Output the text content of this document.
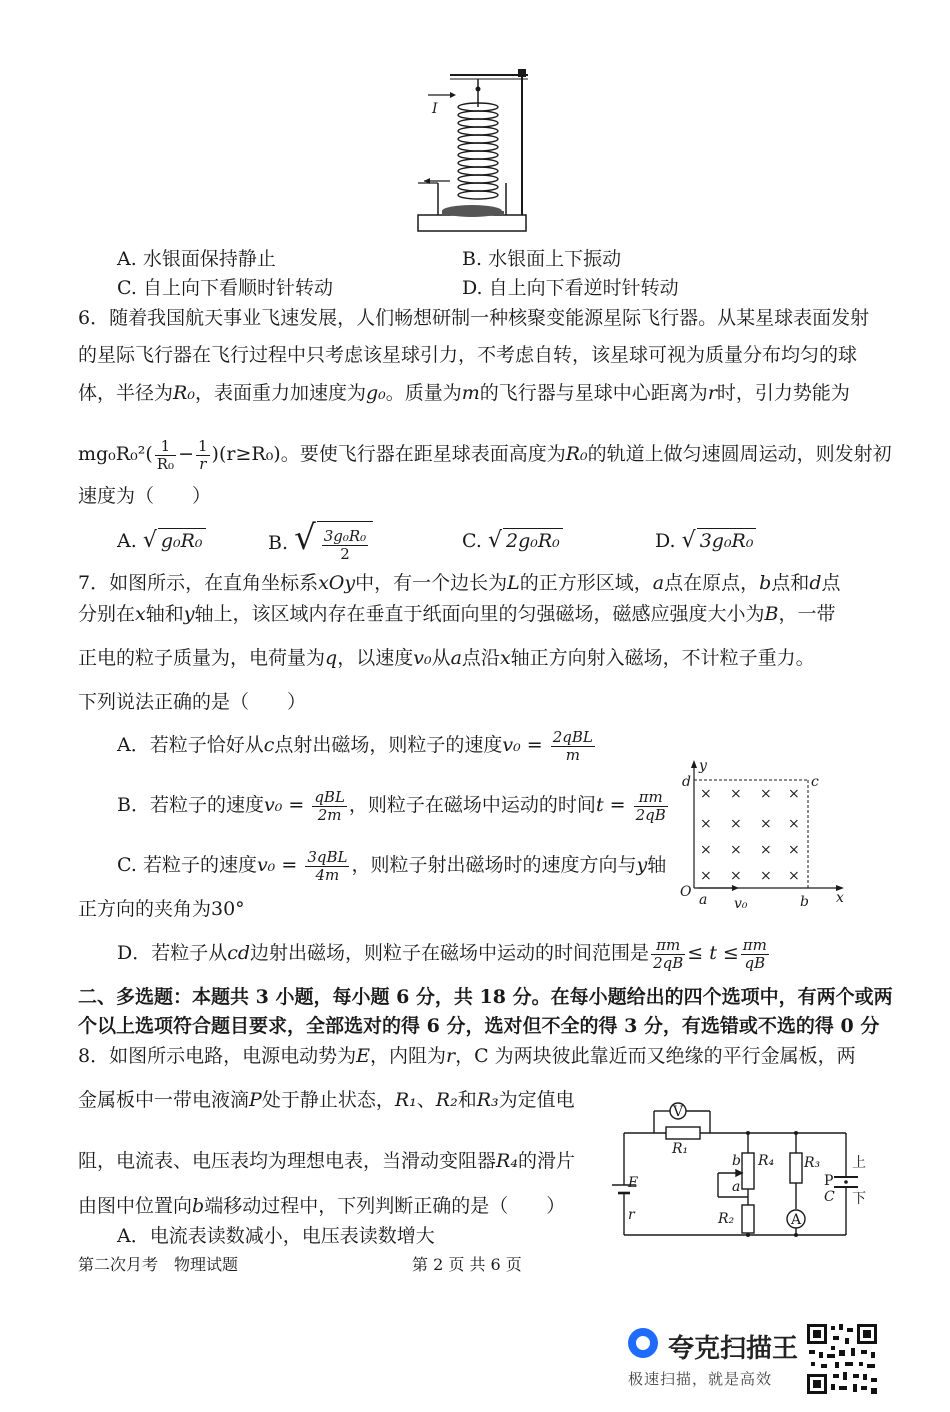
I
A. 水银面保持静止	B. 水银面上下振动
C. 自上向下看顺时针转动	D. 自上向下看逆时针转动
6．随着我国航天事业飞速发展，人们畅想研制一种核聚变能源星际飞行器。从某星球表面发射
的星际飞行器在飞行过程中只考虑该星球引力，不考虑自转，该星球可视为质量分布均匀的球
体，半径为R₀，表面重力加速度为g₀。质量为m的飞行器与星球中心距离为r时，引力势能为
$mg_0R_0^2( \frac{1}{\text{R₀}} - \frac{1}{r} )(r\ge R_0)$。要使飞行器在距星球表面高度为R₀的轨道上做匀速圆周运动，则发射初
速度为（　　）
A. √ g₀R₀	B. √ $\frac{\text{3g₀R₀}}{2}$	C. √ 2g₀R₀	D. √ 3g₀R₀
7．如图所示，在直角坐标系xOy中，有一个边长为L的正方形区域，a点在原点，b点和d点
分别在x轴和y轴上，该区域内存在垂直于纸面向里的匀强磁场，磁感应强度大小为B，一带
正电的粒子质量为，电荷量为q，以速度v₀从a点沿x轴正方向射入磁场，不计粒子重力。
下列说法正确的是（　　）
A．若粒子恰好从c点射出磁场，则粒子的速度$v_0 = \frac{\text{2qBL}}{m}$
B．若粒子的速度$v_0 = \frac{\text{qBL}}{2m}$ ，则粒子在磁场中运动的时间$t = \frac{\pi m}{2qB}$
C. 若粒子的速度$v_0 = \frac{\text{3qBL}}{4m}$ ，则粒子射出磁场时的速度方向与y轴
正方向的夹角为30°
D．若粒子从cd边射出磁场，则粒子在磁场中运动的时间范围是 $\frac{\pi m}{2qB} \le t \le \frac{\pi m}{qB}$
× × × ×
× × × ×
× × × ×
× × × ×
y
d	c
O a v₀	b x
二、多选题：本题共 3 小题，每小题 6 分，共 18 分。在每小题给出的四个选项中，有两个或两
个以上选项符合题目要求，全部选对的得 6 分，选对但不全的得 3 分，有选错或不选的得 0 分
8．如图所示电路，电源电动势为E，内阻为r，C 为两块彼此靠近而又绝缘的平行金属板，两
金属板中一带电液滴P处于静止状态，R₁、R₂和R₃为定值电
阻，电流表、电压表均为理想电表，当滑动变阻器R₄的滑片
由图中位置向b端移动过程中，下列判断正确的是（　　）
A．电流表读数减小，电压表读数增大
V
A
R₁
R₂
R₃
R₄
b
a
E
r
上
下
P
C
第二次月考　物理试题	第 2 页 共 6 页
夸克扫描王
极速扫描，就是高效
